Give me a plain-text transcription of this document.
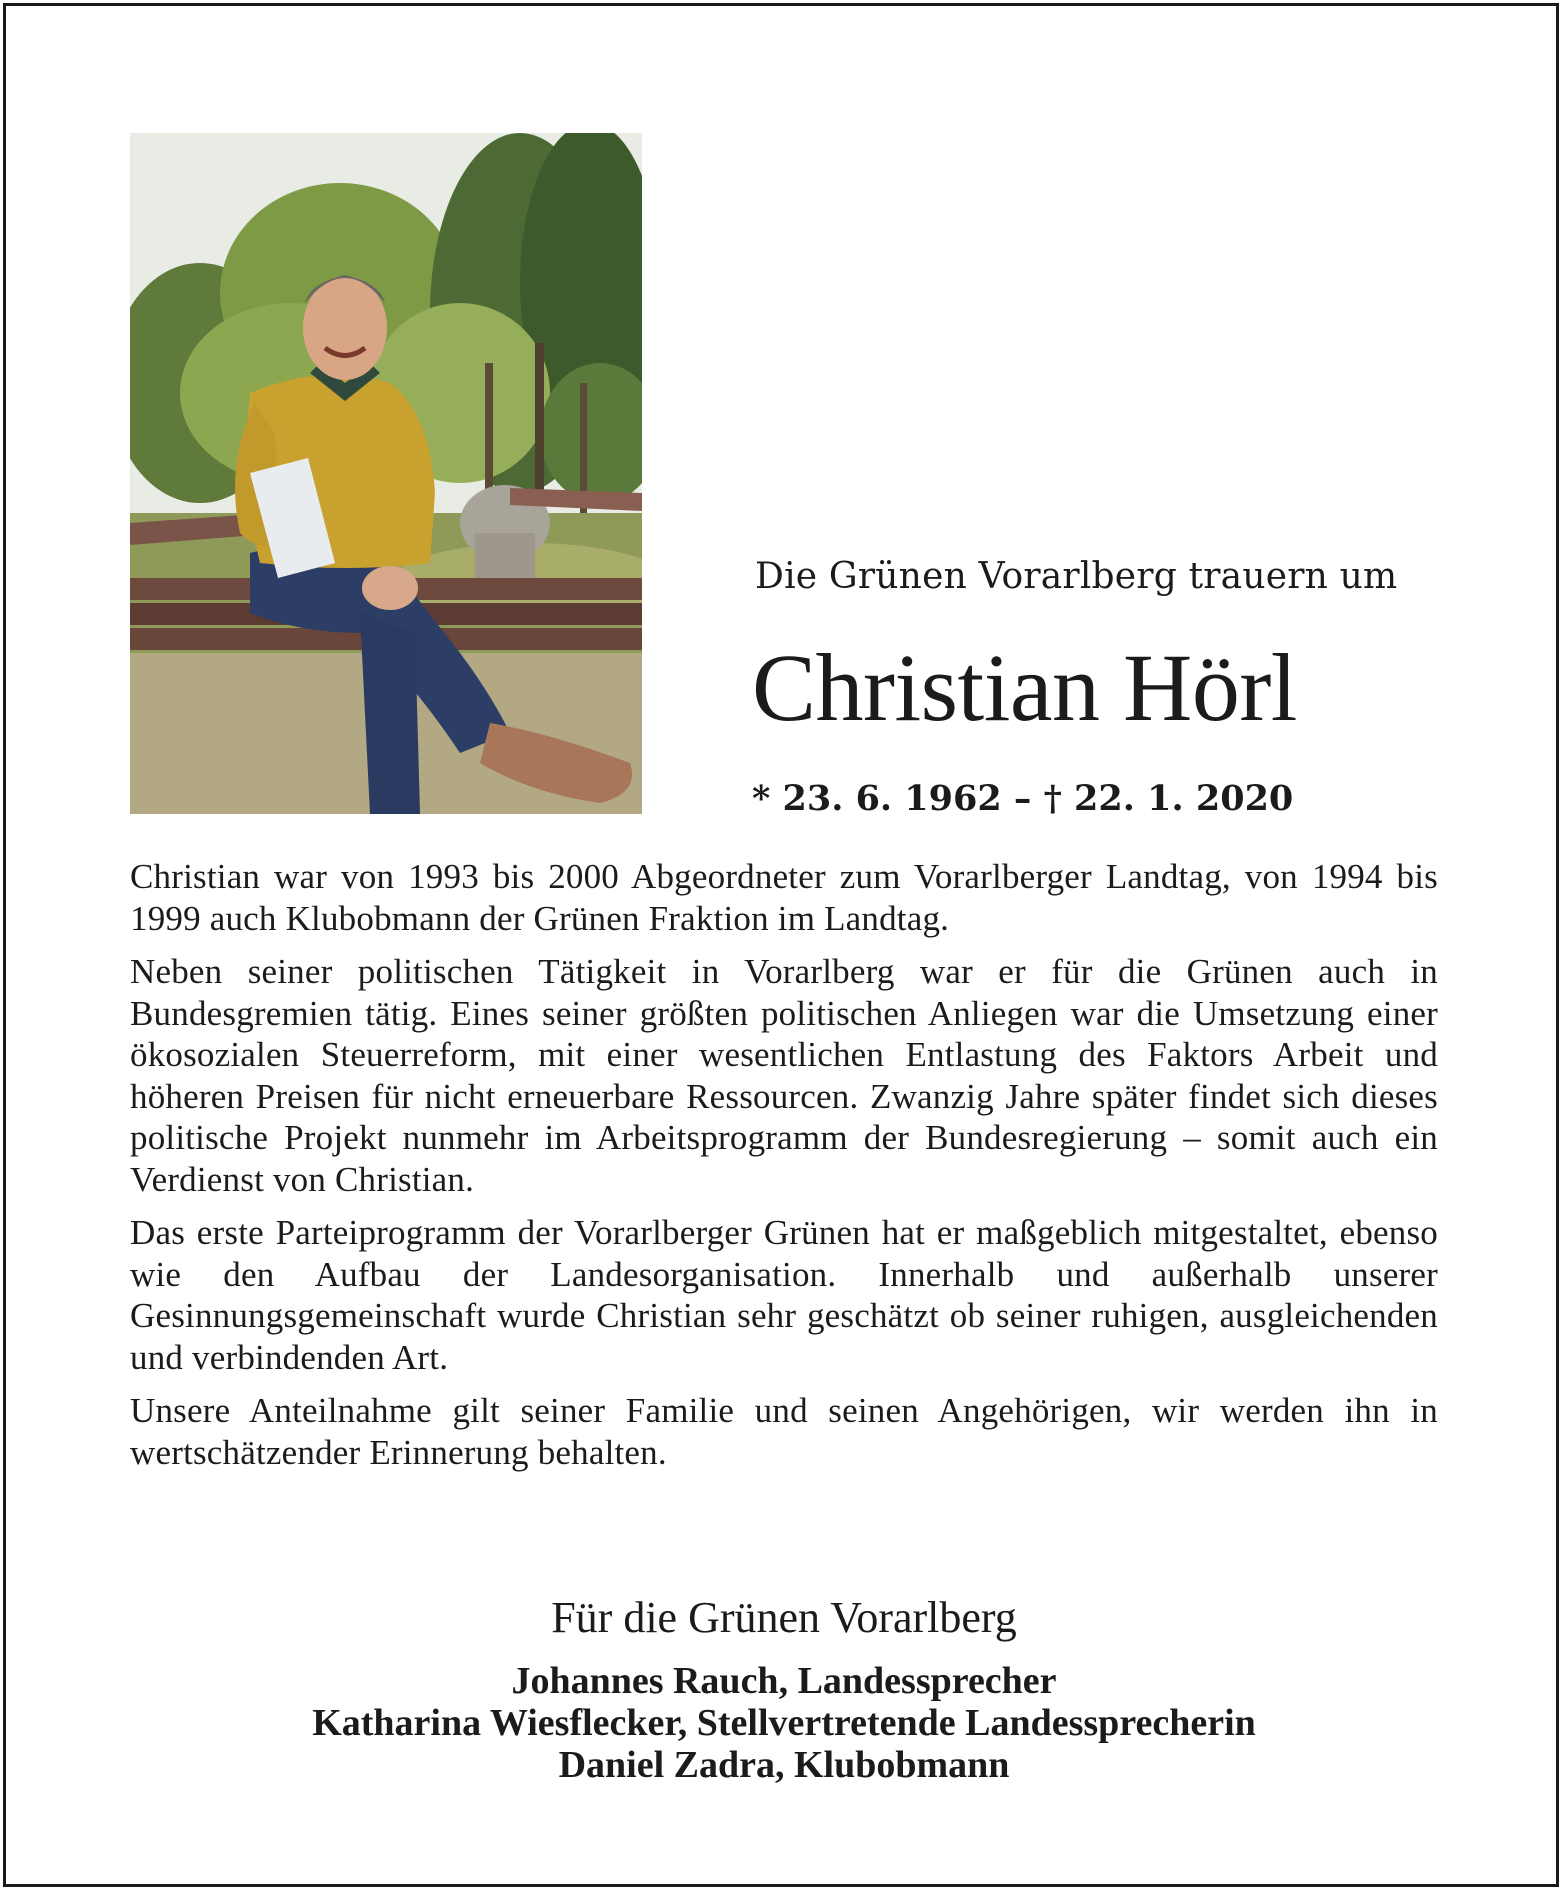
Die Grünen Vorarlberg trauern um
Christian Hörl
* 23. 6. 1962 – † 22. 1. 2020

Christian war von 1993 bis 2000 Abgeordneter zum Vorarlberger Landtag, von 1994 bis 1999 auch Klubobmann der Grünen Fraktion im Landtag.

Neben seiner politischen Tätigkeit in Vorarlberg war er für die Grünen auch in Bundesgremien tätig. Eines seiner größten politischen Anliegen war die Umsetzung einer ökosozialen Steuerreform, mit einer wesentlichen Entlastung des Faktors Arbeit und höheren Preisen für nicht erneuerbare Ressourcen. Zwanzig Jahre später findet sich dieses politische Projekt nunmehr im Arbeitsprogramm der Bundesregierung – somit auch ein Verdienst von Christian.

Das erste Parteiprogramm der Vorarlberger Grünen hat er maßgeblich mitgestaltet, ebenso wie den Aufbau der Landesorganisation. Innerhalb und außerhalb unserer Gesinnungsgemeinschaft wurde Christian sehr geschätzt ob seiner ruhigen, ausgleichenden und verbindenden Art.

Unsere Anteilnahme gilt seiner Familie und seinen Angehörigen, wir werden ihn in wertschätzender Erinnerung behalten.

Für die Grünen Vorarlberg
Johannes Rauch, Landessprecher
Katharina Wiesflecker, Stellvertretende Landessprecherin
Daniel Zadra, Klubobmann
